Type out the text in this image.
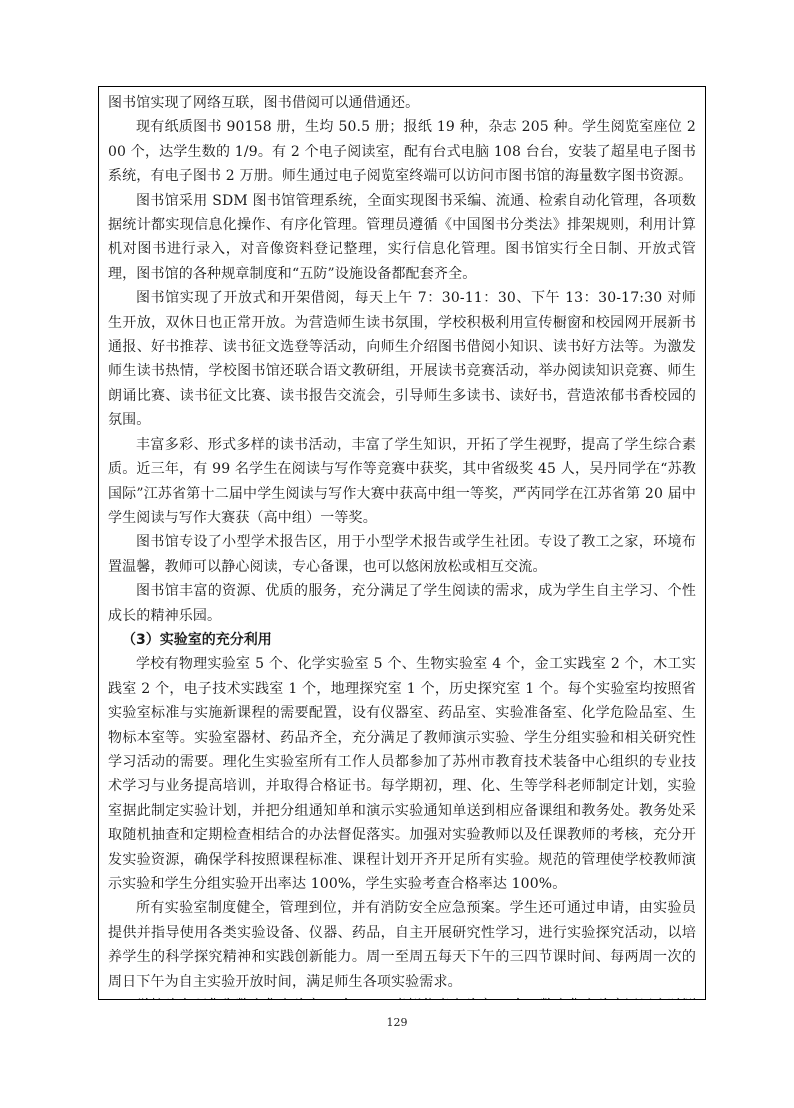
图书馆实现了网络互联，图书借阅可以通借通还。

现有纸质图书 90158 册，生均 50.5 册；报纸 19 种，杂志 205 种。学生阅览室座位 200 个，达学生数的 1/9。有 2 个电子阅读室，配有台式电脑 108 台台，安装了超星电子图书系统，有电子图书 2 万册。师生通过电子阅览室终端可以访问市图书馆的海量数字图书资源。

图书馆采用 SDM 图书馆管理系统，全面实现图书采编、流通、检索自动化管理，各项数据统计都实现信息化操作、有序化管理。管理员遵循《中国图书分类法》排架规则，利用计算机对图书进行录入，对音像资料登记整理，实行信息化管理。图书馆实行全日制、开放式管理，图书馆的各种规章制度和“五防”设施设备都配套齐全。

图书馆实现了开放式和开架借阅，每天上午 7：30-11：30、下午 13：30-17:30 对师生开放，双休日也正常开放。为营造师生读书氛围，学校积极利用宣传橱窗和校园网开展新书通报、好书推荐、读书征文选登等活动，向师生介绍图书借阅小知识、读书好方法等。为激发师生读书热情，学校图书馆还联合语文教研组，开展读书竞赛活动，举办阅读知识竞赛、师生朗诵比赛、读书征文比赛、读书报告交流会，引导师生多读书、读好书，营造浓郁书香校园的氛围。

丰富多彩、形式多样的读书活动，丰富了学生知识，开拓了学生视野，提高了学生综合素质。近三年，有 99 名学生在阅读与写作等竞赛中获奖，其中省级奖 45 人，吴丹同学在“苏教国际”江苏省第十二届中学生阅读与写作大赛中获高中组一等奖，严芮同学在江苏省第 20 届中学生阅读与写作大赛获（高中组）一等奖。

图书馆专设了小型学术报告区，用于小型学术报告或学生社团。专设了教工之家，环境布置温馨，教师可以静心阅读，专心备课，也可以悠闲放松或相互交流。

图书馆丰富的资源、优质的服务，充分满足了学生阅读的需求，成为学生自主学习、个性成长的精神乐园。

（3）实验室的充分利用

学校有物理实验室 5 个、化学实验室 5 个、生物实验室 4 个，金工实践室 2 个，木工实践室 2 个，电子技术实践室 1 个，地理探究室 1 个，历史探究室 1 个。每个实验室均按照省实验室标准与实施新课程的需要配置，设有仪器室、药品室、实验准备室、化学危险品室、生物标本室等。实验室器材、药品齐全，充分满足了教师演示实验、学生分组实验和相关研究性学习活动的需要。理化生实验室所有工作人员都参加了苏州市教育技术装备中心组织的专业技术学习与业务提高培训，并取得合格证书。每学期初，理、化、生等学科老师制定计划，实验室据此制定实验计划，并把分组通知单和演示实验通知单送到相应备课组和教务处。教务处采取随机抽查和定期检查相结合的办法督促落实。加强对实验教师以及任课教师的考核，充分开发实验资源，确保学科按照课程标准、课程计划开齐开足所有实验。规范的管理使学校教师演示实验和学生分组实验开出率达 100%，学生实验考查合格率达 100%。

所有实验室制度健全，管理到位，并有消防安全应急预案。学生还可通过申请，由实验员提供并指导使用各类实验设备、仪器、药品，自主开展研究性学习，进行实验探究活动，以培养学生的科学探究精神和实践创新能力。周一至周五每天下午的三四节课时间、每两周一次的周日下午为自主实验开放时间，满足师生各项实验需求。

129
